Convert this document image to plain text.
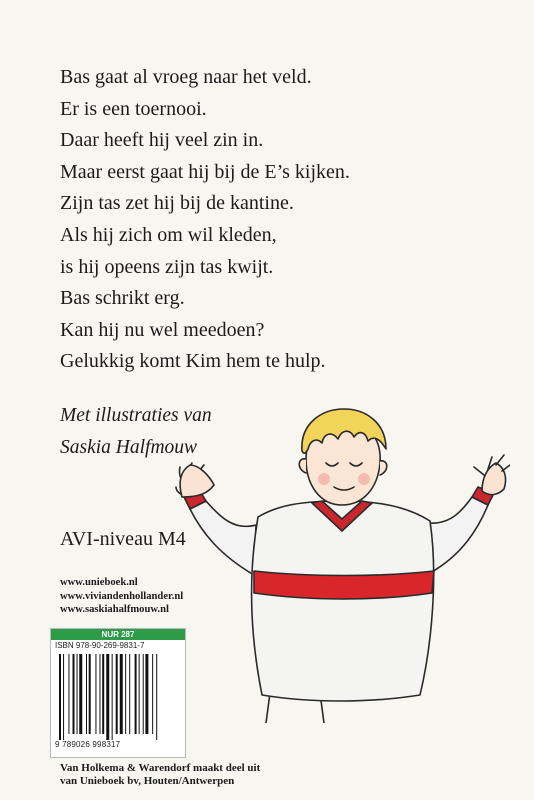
Bas gaat al vroeg naar het veld.
Er is een toernooi.
Daar heeft hij veel zin in.
Maar eerst gaat hij bij de E’s kijken.
Zijn tas zet hij bij de kantine.
Als hij zich om wil kleden,
is hij opeens zijn tas kwijt.
Bas schrikt erg.
Kan hij nu wel meedoen?
Gelukkig komt Kim hem te hulp.
Met illustraties van
Saskia Halfmouw
AVI-niveau M4
www.unieboek.nl
www.viviandenhollander.nl
www.saskiahalfmouw.nl
NUR 287
ISBN 978-90-269-9831-7
9 789026 998317
Van Holkema & Warendorf maakt deel uit
van Unieboek bv, Houten/Antwerpen
